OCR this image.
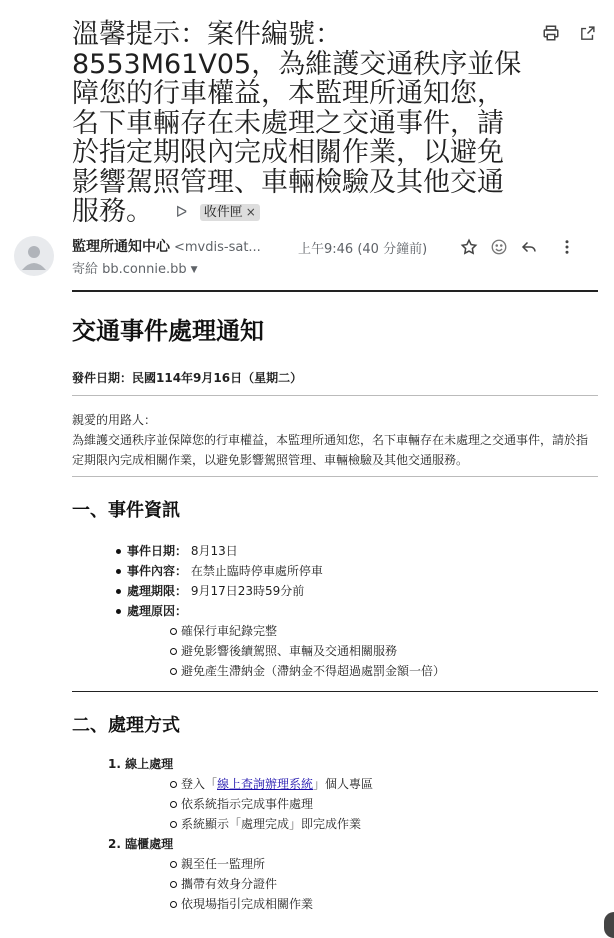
溫馨提示：案件編號：8553M61V05，為維護交通秩序並保障您的行車權益，本監理所通知您，名下車輛存在未處理之交通事件，請於指定期限內完成相關作業，以避免影響駕照管理、車輛檢驗及其他交通服務。 ᐅ 收件匣 ×
監理所通知中心 <mvdis-sat...	上午9:46 (40 分鐘前)
寄給 bb.connie.bb ▼
交通事件處理通知
發件日期：民國114年9月16日（星期二）
親愛的用路人：
為維護交通秩序並保障您的行車權益，本監理所通知您，名下車輛存在未處理之交通事件，請於指定期限內完成相關作業，以避免影響駕照管理、車輛檢驗及其他交通服務。
一、事件資訊
事件日期： 8月13日
事件內容： 在禁止臨時停車處所停車
處理期限： 9月17日23時59分前
處理原因：
確保行車紀錄完整
避免影響後續駕照、車輛及交通相關服務
避免產生滯納金（滯納金不得超過處罰金額一倍）
二、處理方式
1. 線上處理
登入「線上查詢辦理系統」個人專區
依系統指示完成事件處理
系統顯示「處理完成」即完成作業
2. 臨櫃處理
親至任一監理所
攜帶有效身分證件
依現場指引完成相關作業
